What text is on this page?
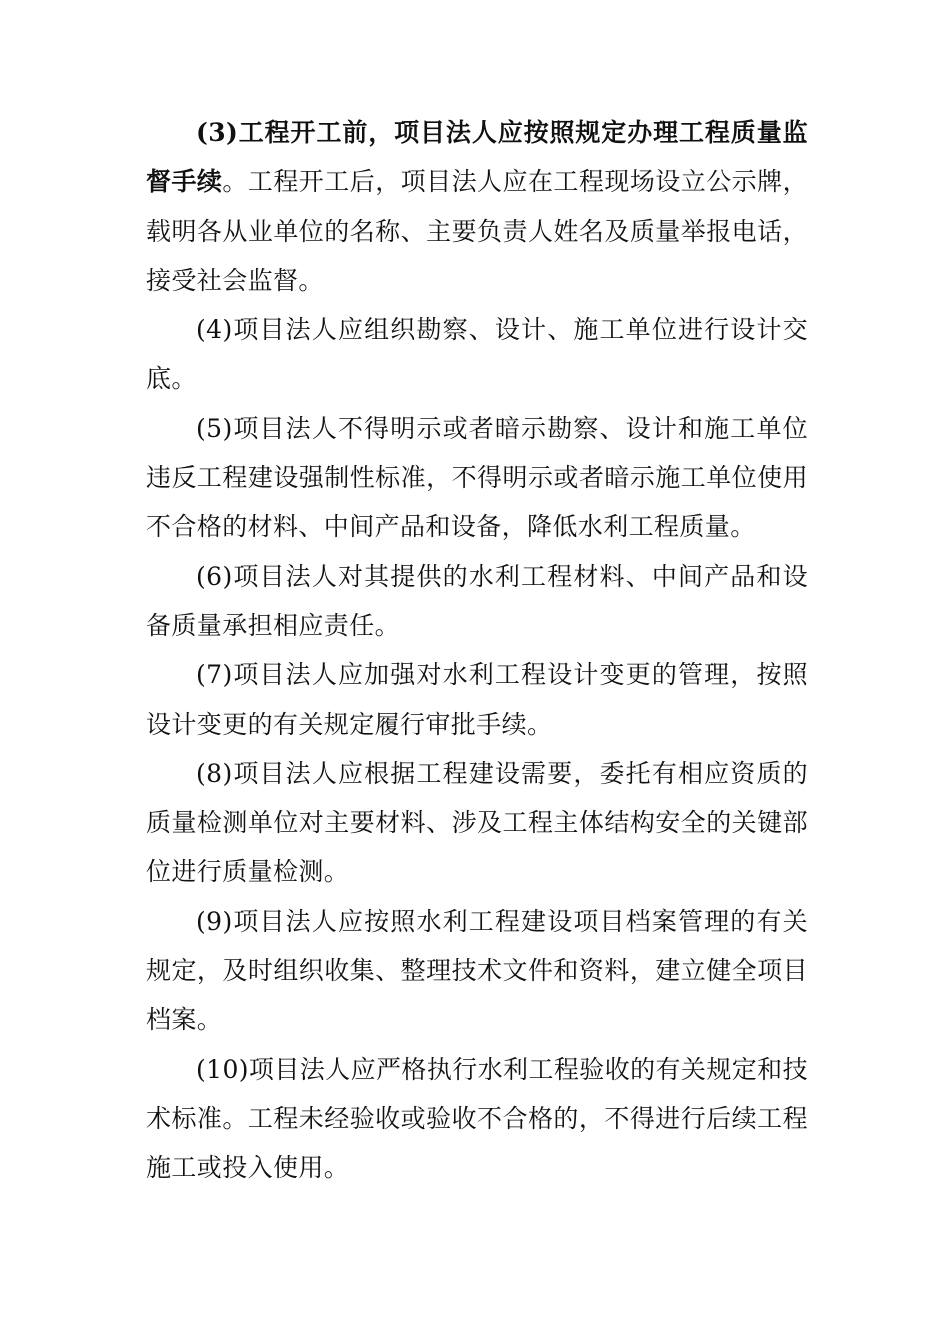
(3)工程开工前，项目法人应按照规定办理工程质量监督手续。工程开工后，项目法人应在工程现场设立公示牌，载明各从业单位的名称、主要负责人姓名及质量举报电话，接受社会监督。

(4)项目法人应组织勘察、设计、施工单位进行设计交底。

(5)项目法人不得明示或者暗示勘察、设计和施工单位违反工程建设强制性标准，不得明示或者暗示施工单位使用不合格的材料、中间产品和设备，降低水利工程质量。

(6)项目法人对其提供的水利工程材料、中间产品和设备质量承担相应责任。

(7)项目法人应加强对水利工程设计变更的管理，按照设计变更的有关规定履行审批手续。

(8)项目法人应根据工程建设需要，委托有相应资质的质量检测单位对主要材料、涉及工程主体结构安全的关键部位进行质量检测。

(9)项目法人应按照水利工程建设项目档案管理的有关规定，及时组织收集、整理技术文件和资料，建立健全项目档案。

(10)项目法人应严格执行水利工程验收的有关规定和技术标准。工程未经验收或验收不合格的，不得进行后续工程施工或投入使用。
